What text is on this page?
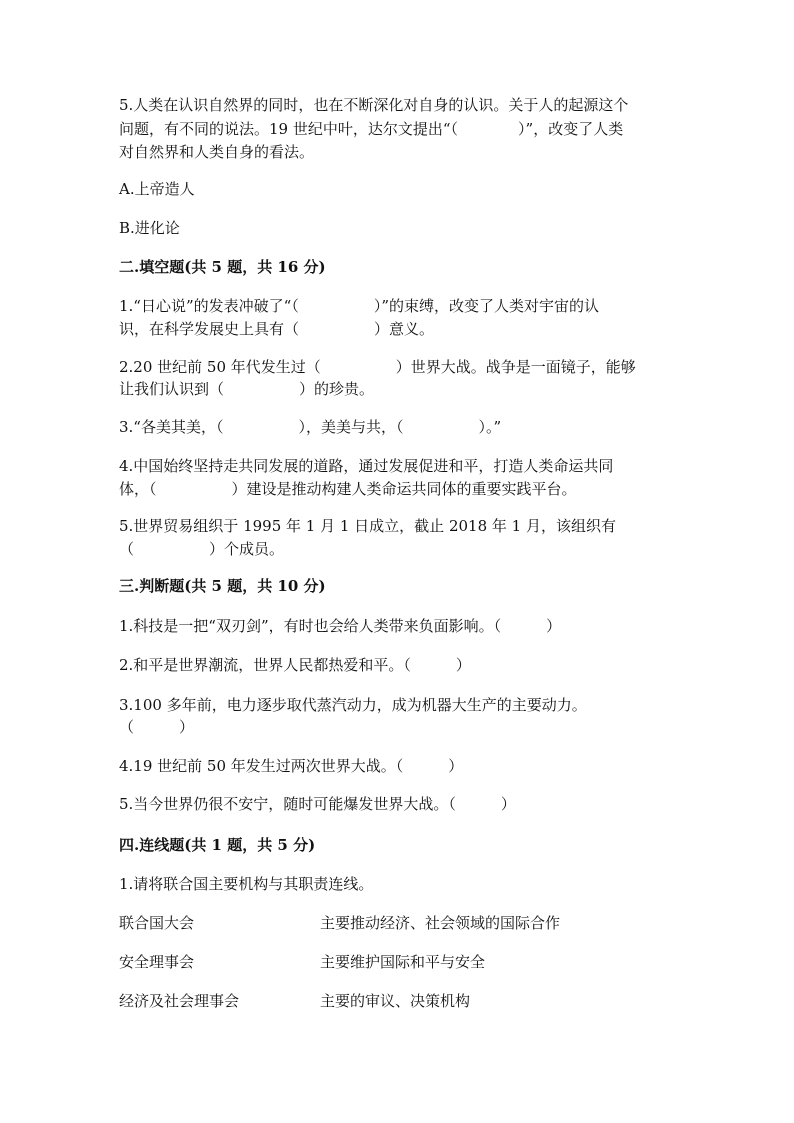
5.人类在认识自然界的同时，也在不断深化对自身的认识。关于人的起源这个
问题，有不同的说法。19 世纪中叶，达尔文提出“（　　　　）”，改变了人类
对自然界和人类自身的看法。
A.上帝造人
B.进化论
二.填空题(共 5 题，共 16 分)
1.“日心说”的发表冲破了“（　　　　　）”的束缚，改变了人类对宇宙的认
识，在科学发展史上具有（　　　　　）意义。
2.20 世纪前 50 年代发生过（　　　　　）世界大战。战争是一面镜子，能够
让我们认识到（　　　　　）的珍贵。
3.“各美其美，（　　　　　），美美与共，（　　　　　）。”
4.中国始终坚持走共同发展的道路，通过发展促进和平，打造人类命运共同
体，（　　　　　）建设是推动构建人类命运共同体的重要实践平台。
5.世界贸易组织于 1995 年 1 月 1 日成立，截止 2018 年 1 月，该组织有
（　　　　　）个成员。
三.判断题(共 5 题，共 10 分)
1.科技是一把“双刃剑”，有时也会给人类带来负面影响。（　　　）
2.和平是世界潮流，世界人民都热爱和平。（　　　）
3.100 多年前，电力逐步取代蒸汽动力，成为机器大生产的主要动力。
（　　　）
4.19 世纪前 50 年发生过两次世界大战。（　　　）
5.当今世界仍很不安宁，随时可能爆发世界大战。（　　　）
四.连线题(共 1 题，共 5 分)
1.请将联合国主要机构与其职责连线。
联合国大会	主要推动经济、社会领域的国际合作
安全理事会	主要维护国际和平与安全
经济及社会理事会	主要的审议、决策机构
